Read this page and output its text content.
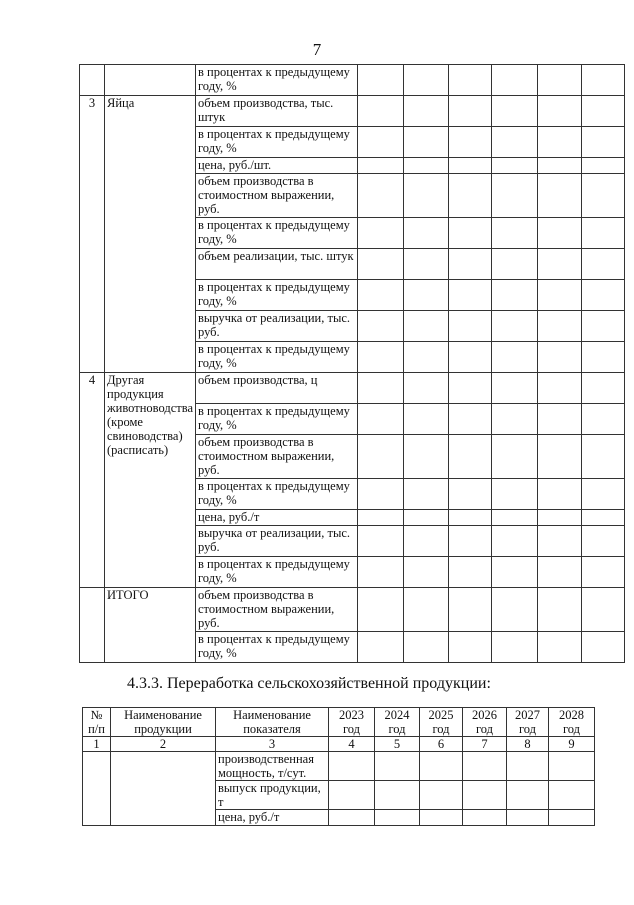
7
		в процентах к предыдущему году, %						
3	Яйца	объем производства, тыс. штук						
		в процентах к предыдущему году, %						
		цена, руб./шт.						
		объем производства в стоимостном выражении, руб.						
		в процентах к предыдущему году, %						
		объем реализации, тыс. штук						
		в процентах к предыдущему году, %						
		выручка от реализации, тыс. руб.						
		в процентах к предыдущему году, %						
4	Другая продукция животноводства (кроме свиноводства) (расписать)	объем производства, ц						
		в процентах к предыдущему году, %						
		объем производства в стоимостном выражении, руб.						
		в процентах к предыдущему году, %						
		цена, руб./т						
		выручка от реализации, тыс. руб.						
		в процентах к предыдущему году, %						
	ИТОГО	объем производства в стоимостном выражении, руб.						
		в процентах к предыдущему году, %						
4.3.3. Переработка сельскохозяйственной продукции:
№ п/п	Наименование продукции	Наименование показателя	2023 год	2024 год	2025 год	2026 год	2027 год	2028 год
1	2	3	4	5	6	7	8	9
		производственная мощность, т/сут.						
		выпуск продукции, т						
		цена, руб./т						
